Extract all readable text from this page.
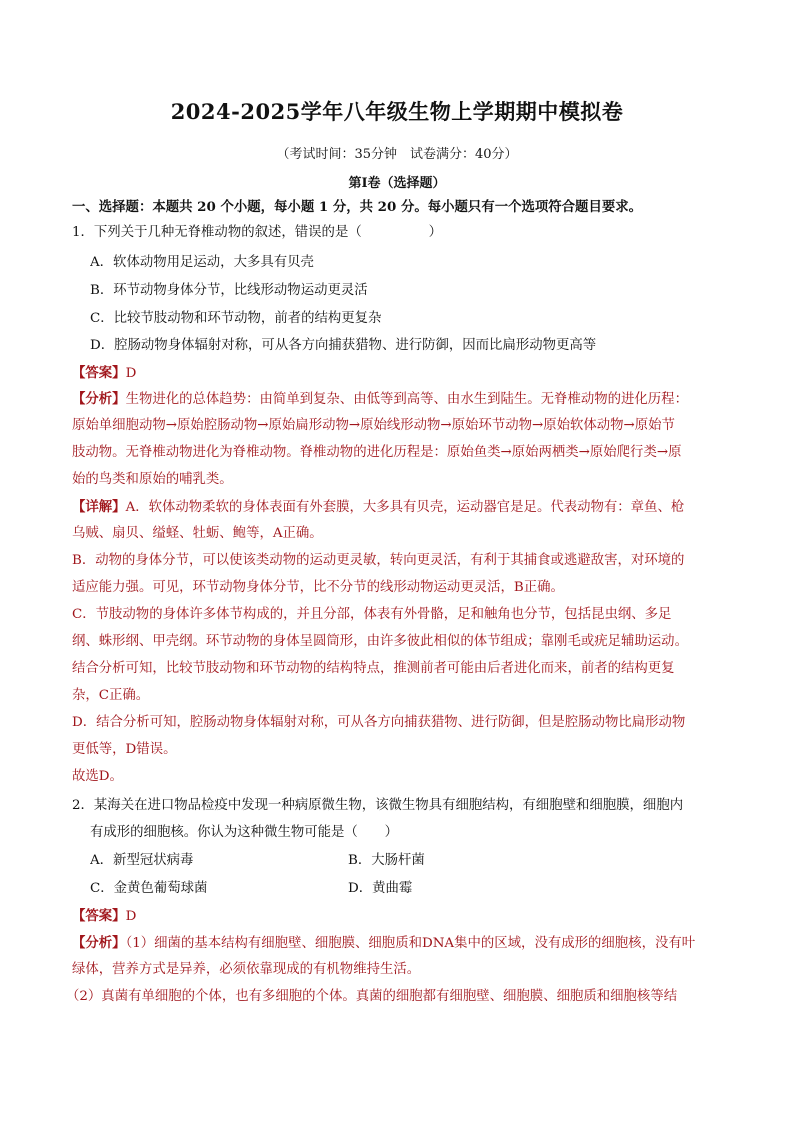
2024-2025学年八年级生物上学期期中模拟卷
（考试时间：35分钟　试卷满分：40分）
第Ⅰ卷（选择题）
一、选择题：本题共 20 个小题，每小题 1 分，共 20 分。每小题只有一个选项符合题目要求。
1．下列关于几种无脊椎动物的叙述，错误的是（　　　　　）
A．软体动物用足运动，大多具有贝壳
B．环节动物身体分节，比线形动物运动更灵活
C．比较节肢动物和环节动物，前者的结构更复杂
D．腔肠动物身体辐射对称，可从各方向捕获猎物、进行防御，因而比扁形动物更高等
【答案】D
【分析】生物进化的总体趋势：由简单到复杂、由低等到高等、由水生到陆生。无脊椎动物的进化历程：
原始单细胞动物→原始腔肠动物→原始扁形动物→原始线形动物→原始环节动物→原始软体动物→原始节
肢动物。无脊椎动物进化为脊椎动物。脊椎动物的进化历程是：原始鱼类→原始两栖类→原始爬行类→原
始的鸟类和原始的哺乳类。
【详解】A．软体动物柔软的身体表面有外套膜，大多具有贝壳，运动器官是足。代表动物有：章鱼、枪
乌贼、扇贝、缢蛏、牡蛎、鲍等，A正确。
B．动物的身体分节，可以使该类动物的运动更灵敏，转向更灵活，有利于其捕食或逃避敌害，对环境的
适应能力强。可见，环节动物身体分节，比不分节的线形动物运动更灵活，B正确。
C．节肢动物的身体许多体节构成的，并且分部，体表有外骨骼，足和触角也分节，包括昆虫纲、多足
纲、蛛形纲、甲壳纲。环节动物的身体呈圆筒形，由许多彼此相似的体节组成；靠刚毛或疣足辅助运动。
结合分析可知，比较节肢动物和环节动物的结构特点，推测前者可能由后者进化而来，前者的结构更复
杂，C正确。
D．结合分析可知，腔肠动物身体辐射对称，可从各方向捕获猎物、进行防御，但是腔肠动物比扁形动物
更低等，D错误。
故选D。
2．某海关在进口物品检疫中发现一种病原微生物，该微生物具有细胞结构，有细胞壁和细胞膜，细胞内
有成形的细胞核。你认为这种微生物可能是（　　）
A．新型冠状病毒	B．大肠杆菌
C．金黄色葡萄球菌	D．黄曲霉
【答案】D
【分析】（1）细菌的基本结构有细胞壁、细胞膜、细胞质和DNA集中的区域，没有成形的细胞核，没有叶
绿体，营养方式是异养，必须依靠现成的有机物维持生活。
（2）真菌有单细胞的个体，也有多细胞的个体。真菌的细胞都有细胞壁、细胞膜、细胞质和细胞核等结
